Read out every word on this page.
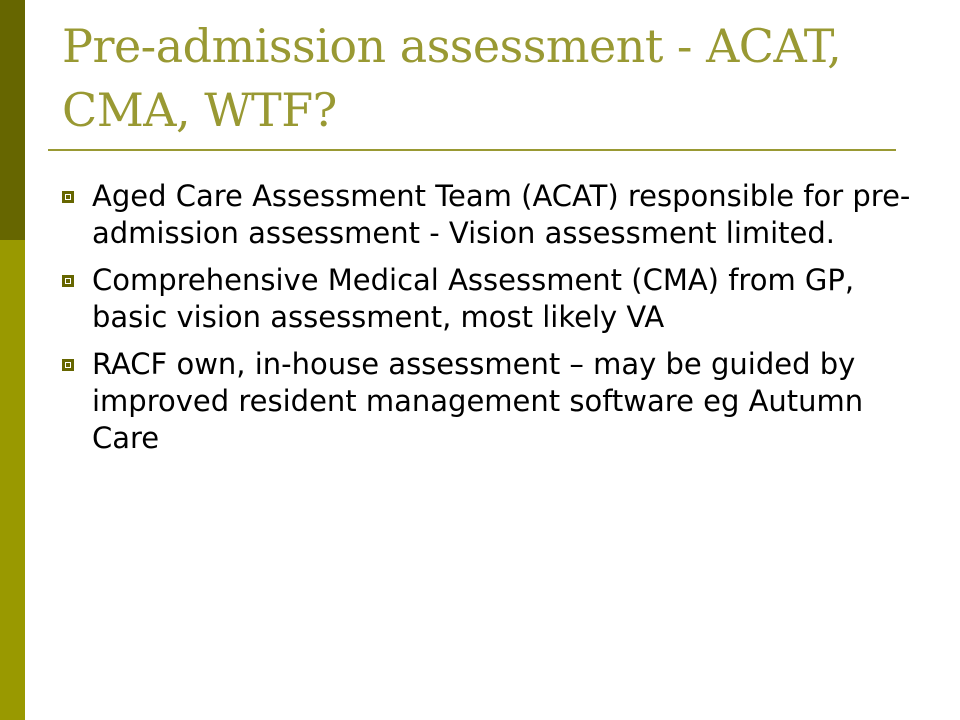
Pre-admission assessment - ACAT, CMA, WTF?
Aged Care Assessment Team (ACAT) responsible for pre-admission assessment - Vision assessment limited.
Comprehensive Medical Assessment (CMA) from GP, basic vision assessment, most likely VA
RACF own, in-house assessment – may be guided by improved resident management software eg Autumn Care
